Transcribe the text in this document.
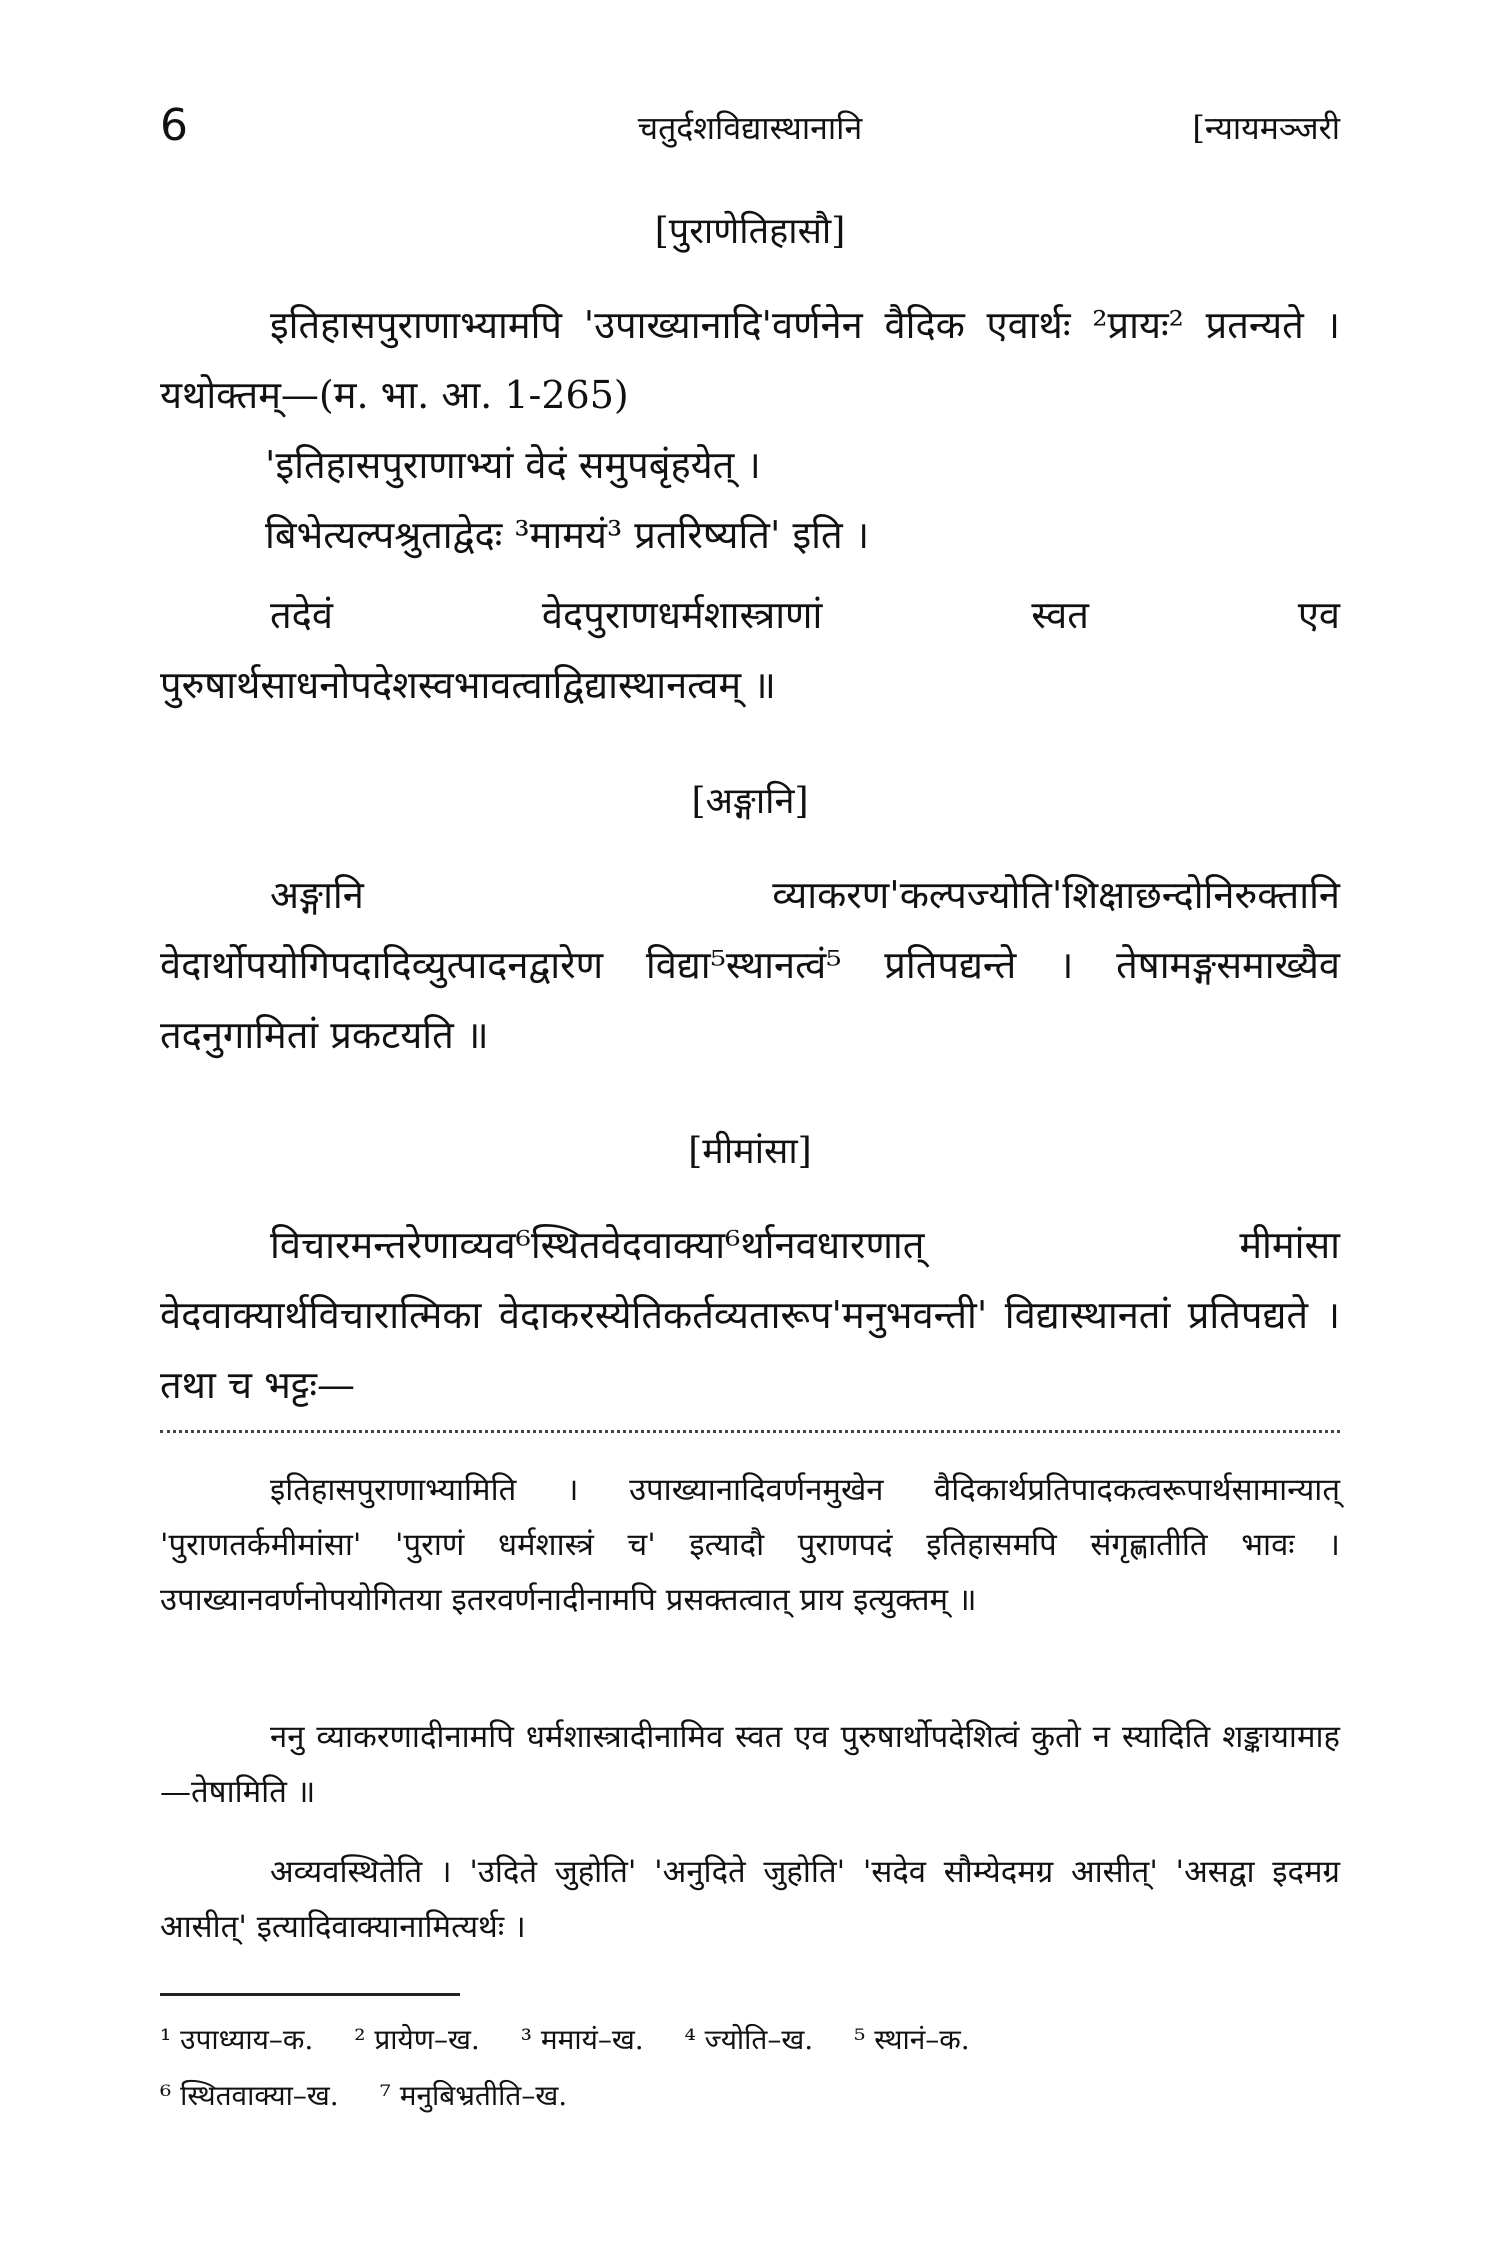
6	चतुर्दशविद्यास्थानानि	[न्यायमञ्जरी
[पुराणेतिहासौ]

इतिहासपुराणाभ्यामपि 'उपाख्यानादि'वर्णनेन वैदिक एवार्थः ²प्रायः² प्रतन्यते । यथोक्तम्—(म. भा. आ. 1-265)

'इतिहासपुराणाभ्यां वेदं समुपबृंहयेत् ।

बिभेत्यल्पश्रुताद्वेदः ³मामयं³ प्रतरिष्यति' इति ।

तदेवं वेदपुराणधर्मशास्त्राणां स्वत एव पुरुषार्थसाधनोपदेशस्वभावत्वाद्विद्यास्थानत्वम् ॥

[अङ्गानि]

अङ्गानि व्याकरण'कल्पज्योति'शिक्षाछन्दोनिरुक्तानि वेदार्थोपयोगिपदादिव्युत्पादनद्वारेण विद्या⁵स्थानत्वं⁵ प्रतिपद्यन्ते । तेषामङ्गसमाख्यैव तदनुगामितां प्रकटयति ॥

[मीमांसा]

विचारमन्तरेणाव्यव⁶स्थितवेदवाक्या⁶र्थानवधारणात् मीमांसा वेदवाक्यार्थविचारात्मिका वेदाकरस्येतिकर्तव्यतारूप'मनुभवन्ती' विद्यास्थानतां प्रतिपद्यते । तथा च भट्टः—

इतिहासपुराणाभ्यामिति । उपाख्यानादिवर्णनमुखेन वैदिकार्थप्रतिपादकत्वरूपार्थसामान्यात् 'पुराणतर्कमीमांसा' 'पुराणं धर्मशास्त्रं च' इत्यादौ पुराणपदं इतिहासमपि संगृह्णातीति भावः । उपाख्यानवर्णनोपयोगितया इतरवर्णनादीनामपि प्रसक्तत्वात् प्राय इत्युक्तम् ॥

ननु व्याकरणादीनामपि धर्मशास्त्रादीनामिव स्वत एव पुरुषार्थोपदेशित्वं कुतो न स्यादिति शङ्कायामाह—तेषामिति ॥

अव्यवस्थितेति । 'उदिते जुहोति' 'अनुदिते जुहोति' 'सदेव सौम्येदमग्र आसीत्' 'असद्वा इदमग्र आसीत्' इत्यादिवाक्यानामित्यर्थः ।

¹ उपाध्याय–क. ² प्रायेण–ख. ³ ममायं–ख. ⁴ ज्योति–ख. ⁵ स्थानं–क.
⁶ स्थितवाक्या–ख. ⁷ मनुबिभ्रतीति–ख.
